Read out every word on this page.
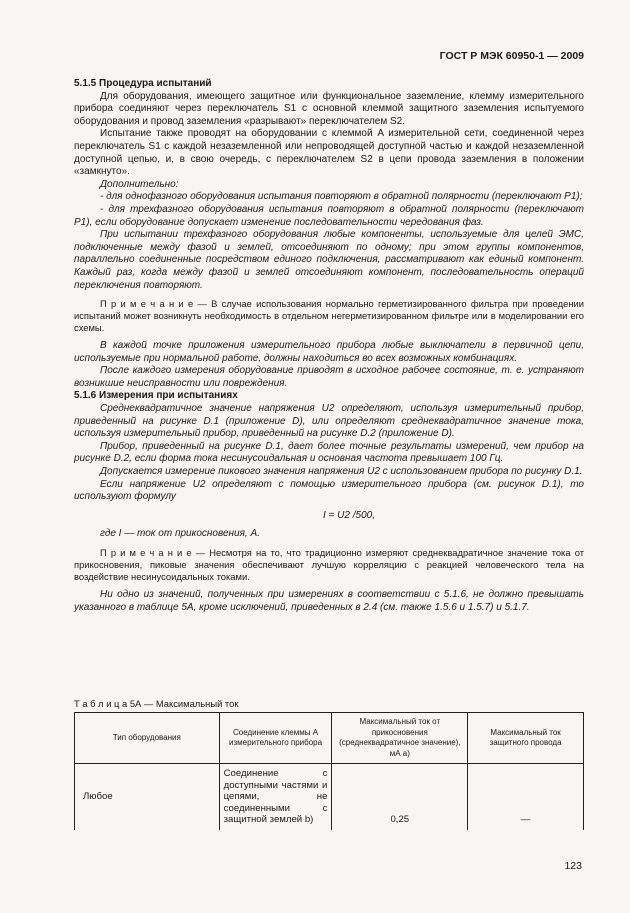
ГОСТ Р МЭК 60950-1 — 2009

5.1.5 Процедура испытаний

Для оборудования, имеющего защитное или функциональное заземление, клемму измерительного прибора соединяют через переключатель S1 с основной клеммой защитного заземления испытуемого оборудования и провод заземления «разрывают» переключателем S2.

Испытание также проводят на оборудовании с клеммой A измерительной сети, соединенной через переключатель S1 с каждой незаземленной или непроводящей доступной частью и каждой незаземленной доступной цепью, и, в свою очередь, с переключателем S2 в цепи провода заземления в положении «замкнуто».

Дополнительно:

- для однофазного оборудования испытания повторяют в обратной полярности (переключают P1);

- для трехфазного оборудования испытания повторяют в обратной полярности (переключают P1), если оборудование допускает изменение последовательности чередования фаз.

При испытании трехфазного оборудования любые компоненты, используемые для целей ЭМС, подключенные между фазой и землей, отсоединяют по одному; при этом группы компонентов, параллельно соединенные посредством единого подключения, рассматривают как единый компонент. Каждый раз, когда между фазой и землей отсоединяют компонент, последовательность операций переключения повторяют.

П р и м е ч а н и е — В случае использования нормально герметизированного фильтра при проведении испытаний может возникнуть необходимость в отдельном негерметизированном фильтре или в моделировании его схемы.

В каждой точке приложения измерительного прибора любые выключатели в первичной цепи, используемые при нормальной работе, должны находиться во всех возможных комбинациях.

После каждого измерения оборудование приводят в исходное рабочее состояние, т. е. устраняют возникшие неисправности или повреждения.

5.1.6 Измерения при испытаниях

Среднеквадратичное значение напряжения U2 определяют, используя измерительный прибор, приведенный на рисунке D.1 (приложение D), или определяют среднеквадратичное значение тока, используя измерительный прибор, приведенный на рисунке D.2 (приложение D).

Прибор, приведенный на рисунке D.1, дает более точные результаты измерений, чем прибор на рисунке D.2, если форма тока несинусоидальная и основная частота превышает 100 Гц.

Допускается измерение пикового значения напряжения U2 с использованием прибора по рисунку D.1.

Если напряжение U2 определяют с помощью измерительного прибора (см. рисунок D.1), то используют формулу

I = U2 /500,

где I — ток от прикосновения, А.

П р и м е ч а н и е — Несмотря на то, что традиционно измеряют среднеквадратичное значение тока от прикосновения, пиковые значения обеспечивают лучшую корреляцию с реакцией человеческого тела на воздействие несинусоидальных токами.

Ни одно из значений, полученных при измерениях в соответствии с 5.1.6, не должно превышать указанного в таблице 5А, кроме исключений, приведенных в 2.4 (см. также 1.5.6 и 1.5.7) и 5.1.7.

Т а б л и ц а 5А — Максимальный ток
Тип оборудования	Соединение клеммы A измерительного прибора	Максимальный ток от прикосновения (среднеквадратичное значение), мА a)	Максимальный ток защитного провода
Любое	Соединение с доступными частями и цепями, не соединенными с защитной землей b)	0,25	—
123
